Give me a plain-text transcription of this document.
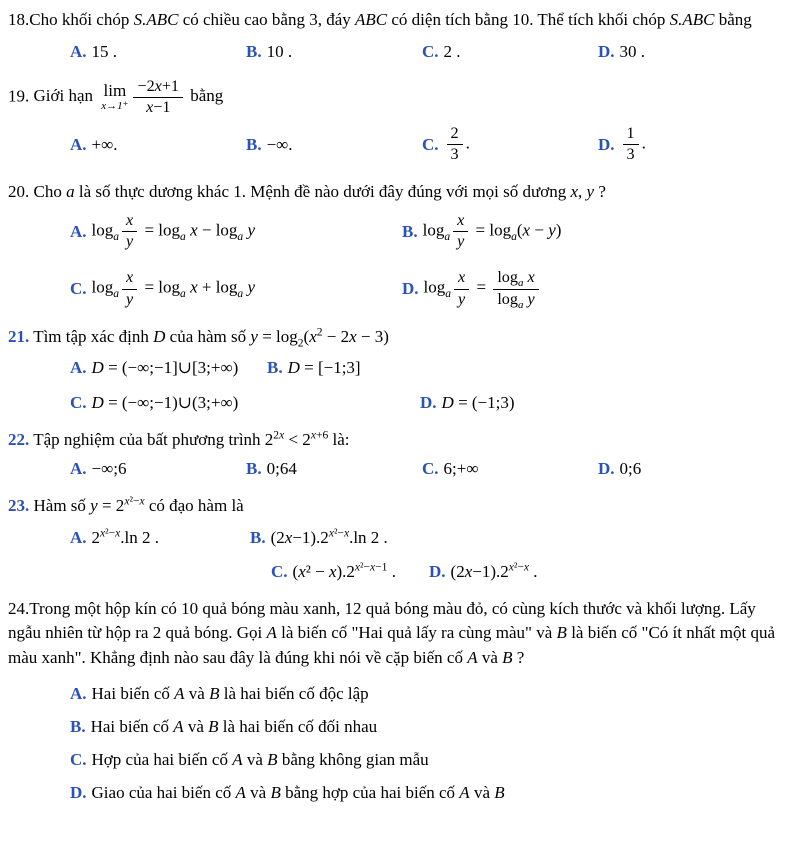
18.Cho khối chóp S.ABC có chiều cao bằng 3, đáy ABC có diện tích bằng 10. Thể tích khối chóp S.ABC bằng

A. 15 .	B. 10 .	C. 2 .	D. 30 .

19. Giới hạn lim
$x\to 1^+ \frac{-2x+1}{x-1}$ bằng

A. +∞.	B. −∞.	C. $\frac{2}{3}$ .	D. $\frac{1}{3}$ .

20. Cho a là số thực dương khác 1. Mệnh đề nào dưới đây đúng với mọi số dương x, y ?

A. $\log_a \frac{x}{y} = \log_a x - \log_a y$	B. $\log_a \frac{x}{y} = \log_a(x - y)$
C. $\log_a \frac{x}{y} = \log_a x + \log_a y$	D. $\log_a \frac{x}{y} = \frac{\log_a x}{\log_a y}$

21. Tìm tập xác định D của hàm số $y = \log_2(x^2 - 2x - 3)$

A. D = (−∞;−1]∪[3;+∞) B. D = [−1;3]
C. D = (−∞;−1)∪(3;+∞)	D. D = (−1;3)

22. Tập nghiệm của bất phương trình $2^{2x} < 2^{x+6}$ là:

A. −∞;6	B. 0;64	C. 6;+∞	D. 0;6

23. Hàm số $y = 2^{x^2-x}$ có đạo hàm là

A. $2^{x^2-x}.\ln$ 2 .	B. $(2x-1).2^{x^2-x}.\ln$ 2 .
C. $(x^2 - x).2^{x^2-x-1}$ . D. $(2x-1).2^{x^2-x}$ .

24.Trong một hộp kín có 10 quả bóng màu xanh, 12 quả bóng màu đỏ, có cùng kích thước và khối lượng. Lấy ngẫu nhiên từ hộp ra 2 quả bóng. Gọi A là biến cố "Hai quả lấy ra cùng màu" và B là biến cố "Có ít nhất một quả màu xanh". Khẳng định nào sau đây là đúng khi nói về cặp biến cố A và B ?

A. Hai biến cố A và B là hai biến cố độc lập
B. Hai biến cố A và B là hai biến cố đối nhau
C. Hợp của hai biến cố A và B bằng không gian mẫu
D. Giao của hai biến cố A và B bằng hợp của hai biến cố A và B
